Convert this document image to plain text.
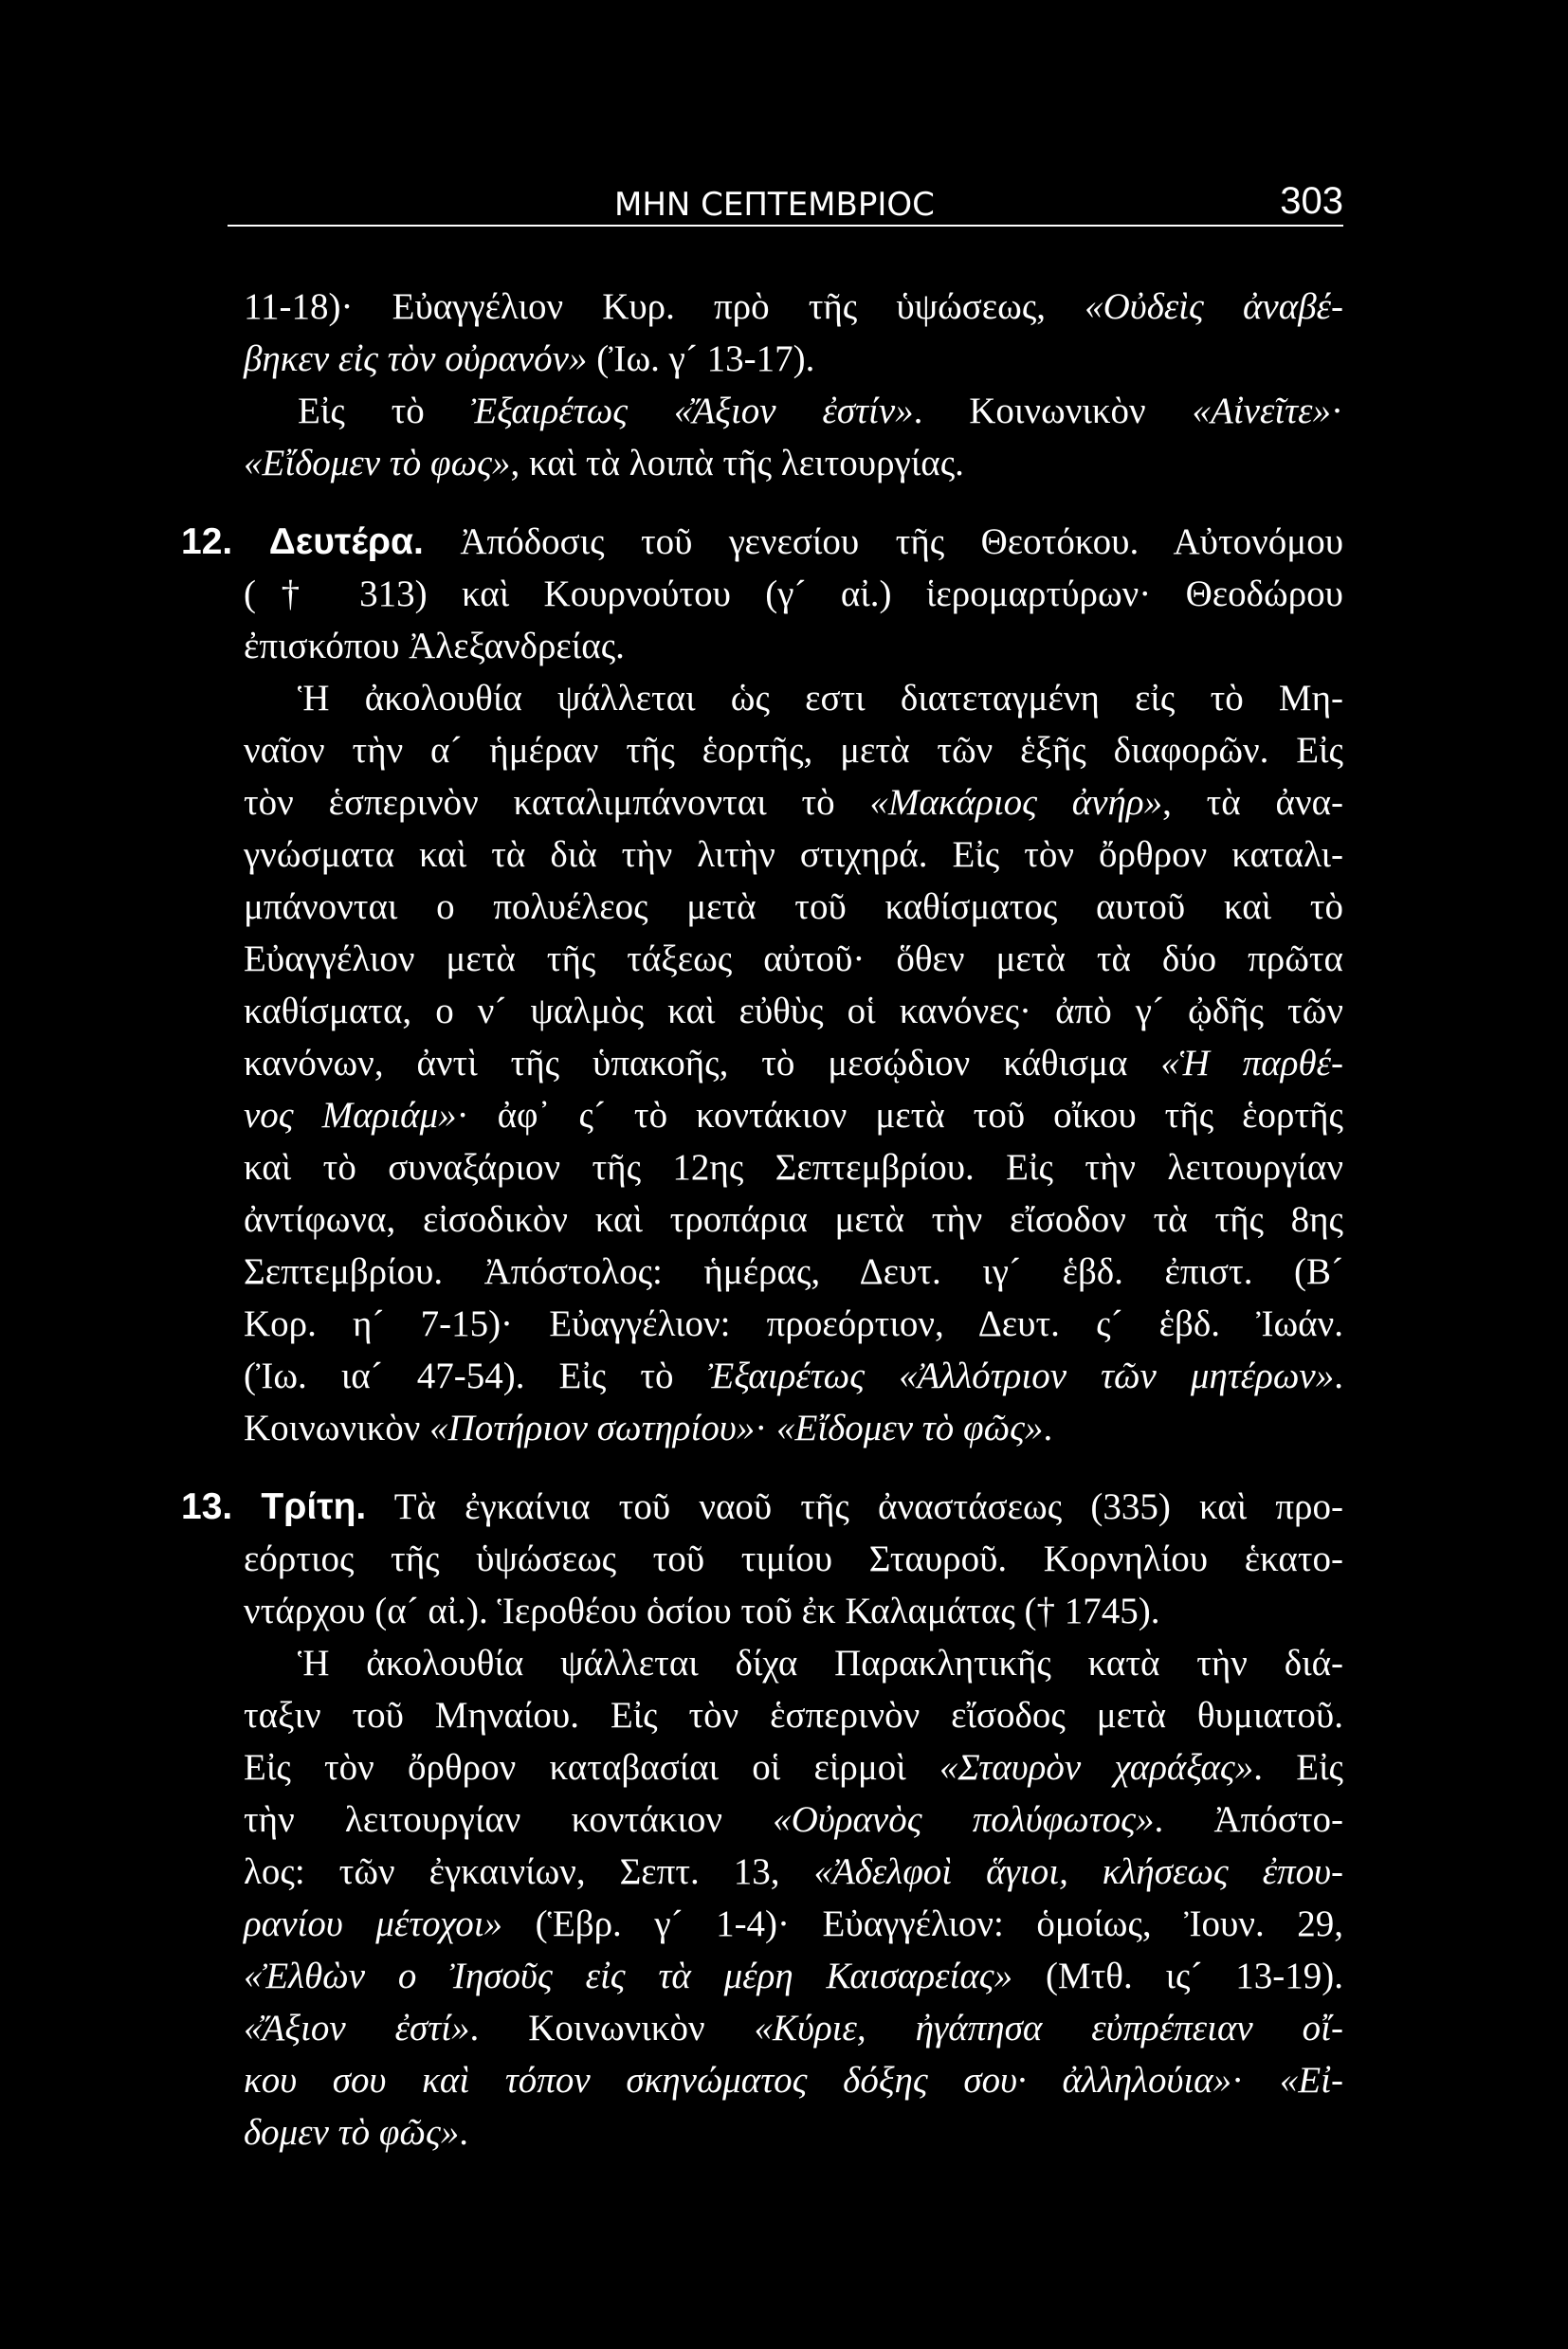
ΜΗΝ ϹΕΠΤΕΜΒΡΙΟϹ	303
11-18)· Εὐαγγέλιον Κυρ. πρὸ τῆς ὑψώσεως, «Οὐδεὶς ἀναβέ-
βηκεν εἰς τὸν οὐρανόν» (Ἰω. γ´ 13-17).
Εἰς τὸ Ἐξαιρέτως «Ἄξιον ἐστίν». Κοινωνικὸν «Αἰνεῖτε»·
«Εἴδομεν τὸ φως», καὶ τὰ λοιπὰ τῆς λειτουργίας.
12. Δευτέρα. Ἀπόδοσις τοῦ γενεσίου τῆς Θεοτόκου. Αὐτονόμου
(† 313) καὶ Κουρνούτου (γ´ αἰ.) ἱερομαρτύρων· Θεοδώρου
ἐπισκόπου Ἀλεξανδρείας.
Ἡ ἀκολουθία ψάλλεται ὡς εστι διατεταγμένη εἰς τὸ Μη-
ναῖον τὴν α´ ἡμέραν τῆς ἑορτῆς, μετὰ τῶν ἑξῆς διαφορῶν. Εἰς
τὸν ἑσπερινὸν καταλιμπάνονται τὸ «Μακάριος ἀνήρ», τὰ ἀνα-
γνώσματα καὶ τὰ διὰ τὴν λιτὴν στιχηρά. Εἰς τὸν ὄρθρον καταλι-
μπάνονται ο πολυέλεος μετὰ τοῦ καθίσματος αυτοῦ καὶ τὸ
Εὐαγγέλιον μετὰ τῆς τάξεως αὐτοῦ· ὅθεν μετὰ τὰ δύο πρῶτα
καθίσματα, ο ν´ ψαλμὸς καὶ εὐθὺς οἱ κανόνες· ἀπὸ γ´ ᾠδῆς τῶν
κανόνων, ἀντὶ τῆς ὑπακοῆς, τὸ μεσῴδιον κάθισμα «Ἡ παρθέ-
νος Μαριάμ»· ἀφ᾽ ς´ τὸ κοντάκιον μετὰ τοῦ οἴκου τῆς ἑορτῆς
καὶ τὸ συναξάριον τῆς 12ης Σεπτεμβρίου. Εἰς τὴν λειτουργίαν
ἀντίφωνα, εἰσοδικὸν καὶ τροπάρια μετὰ τὴν εἴσοδον τὰ τῆς 8ης
Σεπτεμβρίου. Ἀπόστολος: ἡμέρας, Δευτ. ιγ´ ἑβδ. ἐπιστ. (Β´
Κορ. η´ 7-15)· Εὐαγγέλιον: προεόρτιον, Δευτ. ς´ ἑβδ. Ἰωάν.
(Ἰω. ια´ 47-54). Εἰς τὸ Ἐξαιρέτως «Ἀλλότριον τῶν μητέρων».
Κοινωνικὸν «Ποτήριον σωτηρίου»· «Εἴδομεν τὸ φῶς».
13. Τρίτη. Τὰ ἐγκαίνια τοῦ ναοῦ τῆς ἀναστάσεως (335) καὶ προ-
εόρτιος τῆς ὑψώσεως τοῦ τιμίου Σταυροῦ. Κορνηλίου ἑκατο-
ντάρχου (α´ αἰ.). Ἱεροθέου ὁσίου τοῦ ἐκ Καλαμάτας († 1745).
Ἡ ἀκολουθία ψάλλεται δίχα Παρακλητικῆς κατὰ τὴν διά-
ταξιν τοῦ Μηναίου. Εἰς τὸν ἑσπερινὸν εἴσοδος μετὰ θυμιατοῦ.
Εἰς τὸν ὄρθρον καταβασίαι οἱ εἱρμοὶ «Σταυρὸν χαράξας». Εἰς
τὴν λειτουργίαν κοντάκιον «Οὐρανὸς πολύφωτος». Ἀπόστο-
λος: τῶν ἐγκαινίων, Σεπτ. 13, «Ἀδελφοὶ ἅγιοι, κλήσεως ἐπου-
ρανίου μέτοχοι» (Ἑβρ. γ´ 1-4)· Εὐαγγέλιον: ὁμοίως, Ἰουν. 29,
«Ἐλθὼν ο Ἰησοῦς εἰς τὰ μέρη Καισαρείας» (Μτθ. ις´ 13-19).
«Ἄξιον ἐστί». Κοινωνικὸν «Κύριε, ἠγάπησα εὐπρέπειαν οἴ-
κου σου καὶ τόπον σκηνώματος δόξης σου· ἀλληλούια»· «Εἰ-
δομεν τὸ φῶς».
